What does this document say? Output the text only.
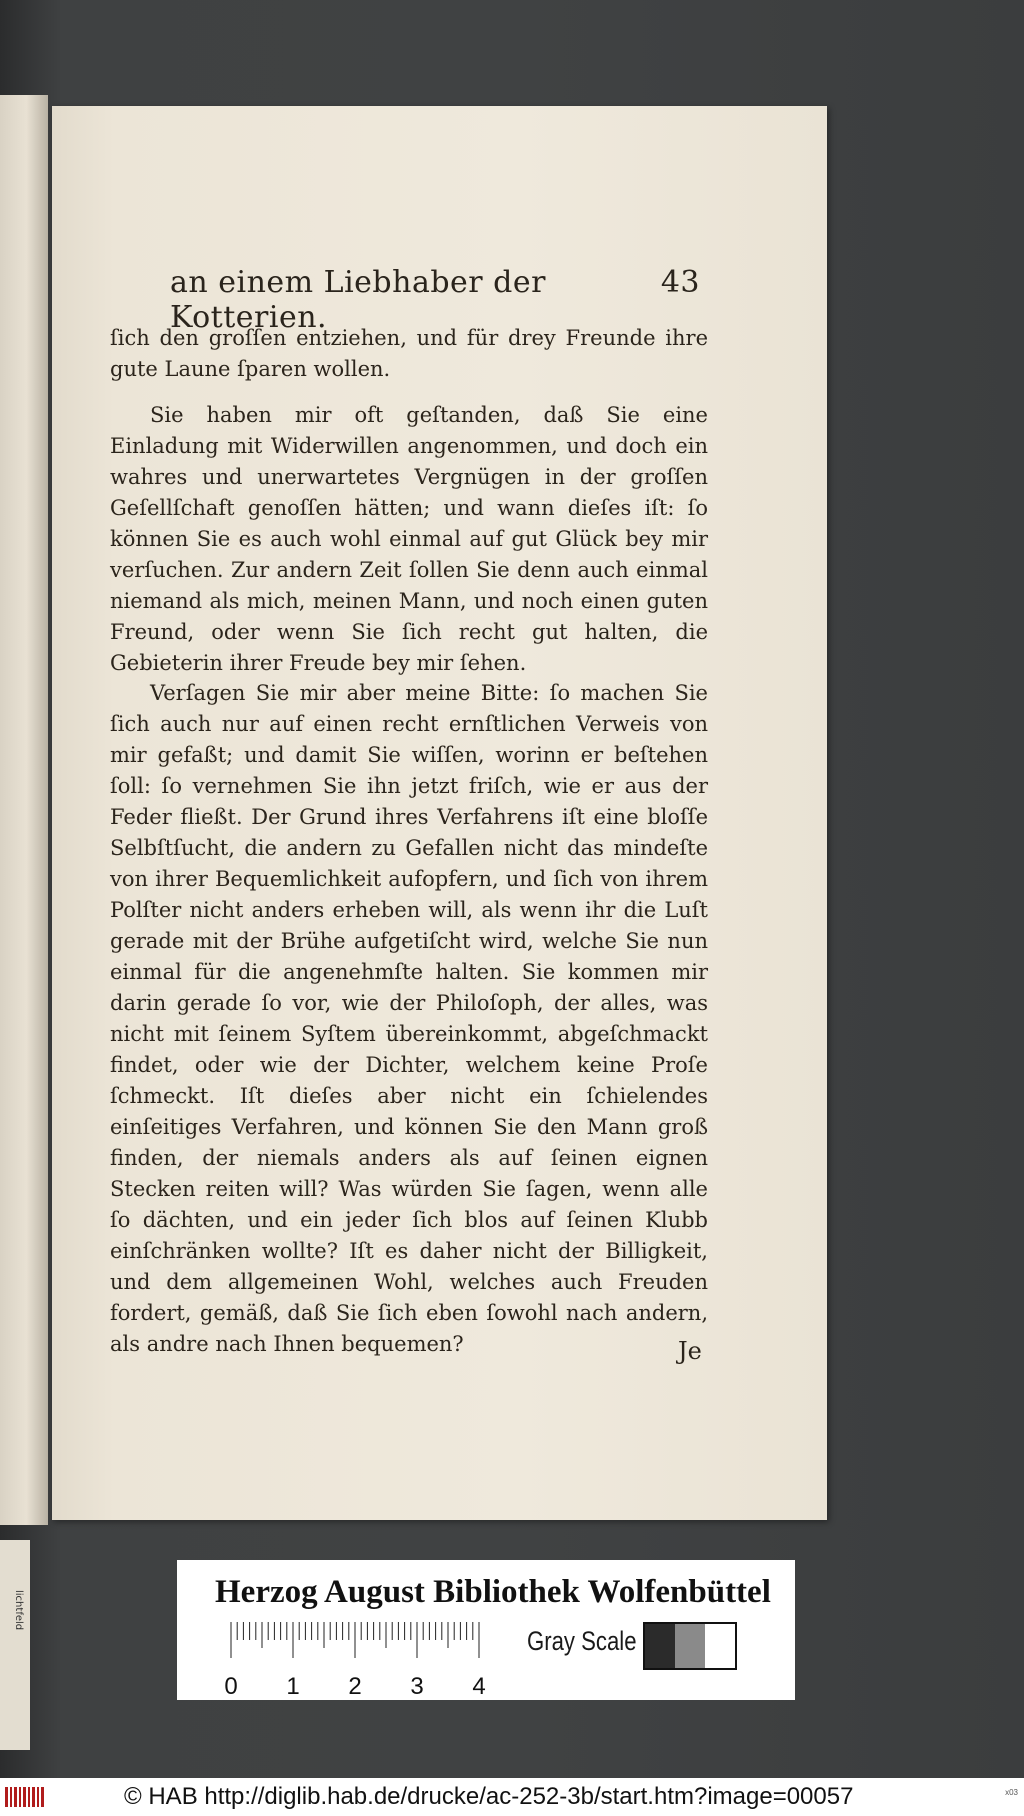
lichtfeld
an einem Liebhaber der Kotterien.
43

ſich den groſſen entziehen, und für drey Freunde ihre gute Laune ſparen wollen.

Sie haben mir oft geſtanden, daß Sie eine Einladung mit Widerwillen angenommen, und doch ein wahres und unerwartetes Vergnügen in der groſſen Geſellſchaft genoſſen hätten; und wann dieſes iſt: ſo können Sie es auch wohl einmal auf gut Glück bey mir verſuchen. Zur andern Zeit ſollen Sie denn auch einmal niemand als mich, meinen Mann, und noch einen guten Freund, oder wenn Sie ſich recht gut halten, die Gebieterin ihrer Freude bey mir ſehen.

Verſagen Sie mir aber meine Bitte: ſo machen Sie ſich auch nur auf einen recht ernſtlichen Verweis von mir gefaßt; und damit Sie wiſſen, worinn er beſtehen ſoll: ſo vernehmen Sie ihn jetzt friſch, wie er aus der Feder fließt. Der Grund ihres Verfahrens iſt eine bloſſe Selbſtſucht, die andern zu Gefallen nicht das mindeſte von ihrer Bequemlichkeit aufopfern, und ſich von ihrem Polſter nicht anders erheben will, als wenn ihr die Luſt gerade mit der Brühe aufgetiſcht wird, welche Sie nun einmal für die angenehmſte halten. Sie kommen mir darin gerade ſo vor, wie der Philoſoph, der alles, was nicht mit ſeinem Syſtem übereinkommt, abgeſchmackt findet, oder wie der Dichter, welchem keine Proſe ſchmeckt. Iſt dieſes aber nicht ein ſchielendes einſeitiges Verfahren, und können Sie den Mann groß finden, der niemals anders als auf ſeinen eignen Stecken reiten will? Was würden Sie ſagen, wenn alle ſo dächten, und ein jeder ſich blos auf ſeinen Klubb einſchränken wollte? Iſt es daher nicht der Billigkeit, und dem allgemeinen Wohl, welches auch Freuden fordert, gemäß, daß Sie ſich eben ſowohl nach andern, als andre nach Ihnen bequemen?	Je
Herzog August Bibliothek Wolfenbüttel
0 1 2 3 4
Gray Scale
© HAB http://diglib.hab.de/drucke/ac-252-3b/start.htm?image=00057	x03
